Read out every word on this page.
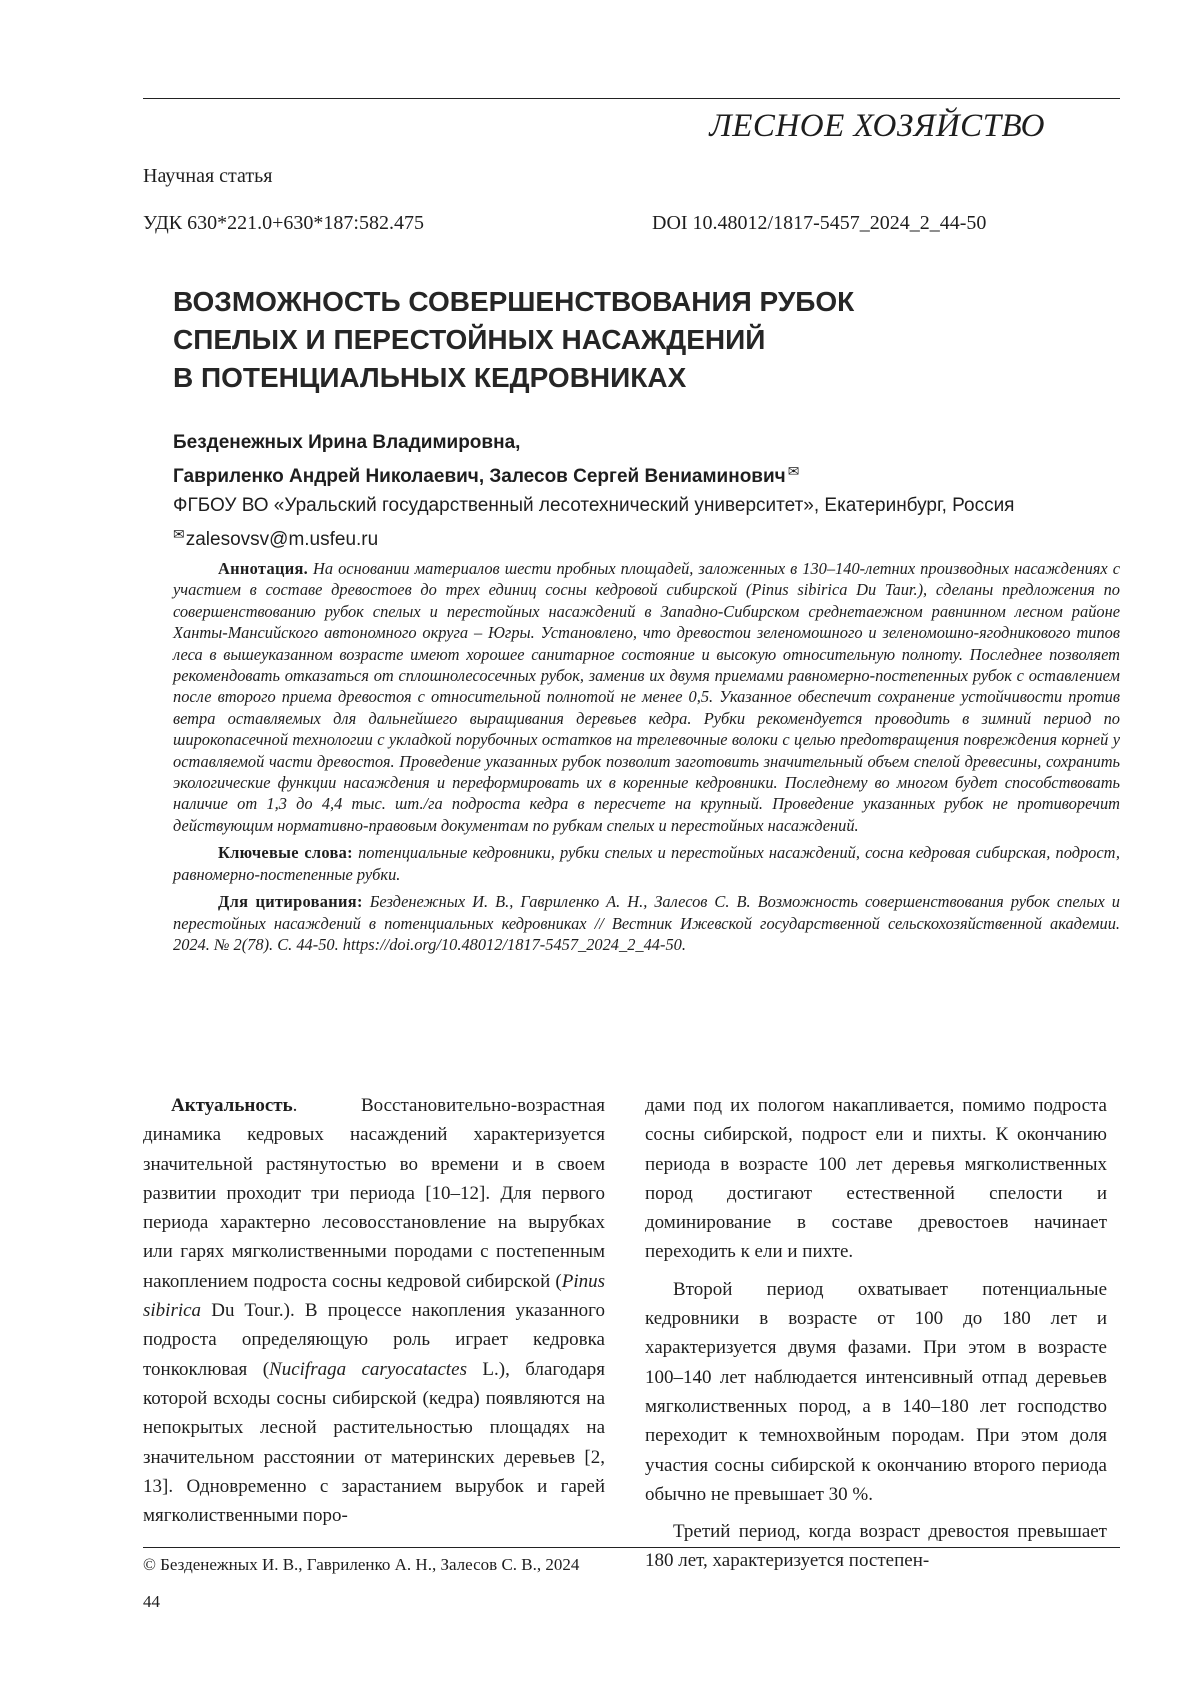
ЛЕСНОЕ ХОЗЯЙСТВО
Научная статья
УДК 630*221.0+630*187:582.475	DOI 10.48012/1817-5457_2024_2_44-50
ВОЗМОЖНОСТЬ СОВЕРШЕНСТВОВАНИЯ РУБОК
СПЕЛЫХ И ПЕРЕСТОЙНЫХ НАСАЖДЕНИЙ
В ПОТЕНЦИАЛЬНЫХ КЕДРОВНИКАХ
Безденежных Ирина Владимировна,
Гавриленко Андрей Николаевич, Залесов Сергей Вениаминович ✉
ФГБОУ ВО «Уральский государственный лесотехнический университет», Екатеринбург, Россия
✉zalesovsv@m.usfeu.ru

Аннотация. На основании материалов шести пробных площадей, заложенных в 130–140-летних производных насаждениях с участием в составе древостоев до трех единиц сосны кедровой сибирской (Pinus sibirica Du Taur.), сделаны предложения по совершенствованию рубок спелых и перестойных насаждений в Западно-Сибирском среднетаежном равнинном лесном районе Ханты-Мансийского автономного округа – Югры. Установлено, что древостои зеленомошного и зеленомошно-ягодникового типов леса в вышеуказанном возрасте имеют хорошее санитарное состояние и высокую относительную полноту. Последнее позволяет рекомендовать отказаться от сплошнолесосечных рубок, заменив их двумя приемами равномерно-постепенных рубок с оставлением после второго приема древостоя с относительной полнотой не менее 0,5. Указанное обеспечит сохранение устойчивости против ветра оставляемых для дальнейшего выращивания деревьев кедра. Рубки рекомендуется проводить в зимний период по широкопасечной технологии с укладкой порубочных остатков на трелевочные волоки с целью предотвращения повреждения корней у оставляемой части древостоя. Проведение указанных рубок позволит заготовить значительный объем спелой древесины, сохранить экологические функции насаждения и переформировать их в коренные кедровники. Последнему во многом будет способствовать наличие от 1,3 до 4,4 тыс. шт./га подроста кедра в пересчете на крупный. Проведение указанных рубок не противоречит действующим нормативно-правовым документам по рубкам спелых и перестойных насаждений.

Ключевые слова: потенциальные кедровники, рубки спелых и перестойных насаждений, сосна кедровая сибирская, подрост, равномерно-постепенные рубки.

Для цитирования: Безденежных И. В., Гавриленко А. Н., Залесов С. В. Возможность совершенствования рубок спелых и перестойных насаждений в потенциальных кедровниках // Вестник Ижевской государственной сельскохозяйственной академии. 2024. № 2(78). С. 44-50. https://doi.org/10.48012/1817-5457_2024_2_44-50.

Актуальность. Восстановительно-возрастная динамика кедровых насаждений характеризуется значительной растянутостью во времени и в своем развитии проходит три периода [10–12]. Для первого периода характерно лесовосстановление на вырубках или гарях мягколиственными породами с постепенным накоплением подроста сосны кедровой сибирской (Pinus sibirica Du Tour.). В процессе накопления указанного подроста определяющую роль играет кедровка тонкоклювая (Nucifraga caryocatactes L.), благодаря которой всходы сосны сибирской (кедра) появляются на непокрытых лесной растительностью площадях на значительном расстоянии от материнских деревьев [2, 13]. Одновременно с зарастанием вырубок и гарей мягколиственными поро-

дами под их пологом накапливается, помимо подроста сосны сибирской, подрост ели и пихты. К окончанию периода в возрасте 100 лет деревья мягколиственных пород достигают естественной спелости и доминирование в составе древостоев начинает переходить к ели и пихте.

Второй период охватывает потенциальные кедровники в возрасте от 100 до 180 лет и характеризуется двумя фазами. При этом в возрасте 100–140 лет наблюдается интенсивный отпад деревьев мягколиственных пород, а в 140–180 лет господство переходит к темнохвойным породам. При этом доля участия сосны сибирской к окончанию второго периода обычно не превышает 30 %.

Третий период, когда возраст древостоя превышает 180 лет, характеризуется постепен-

© Безденежных И. В., Гавриленко А. Н., Залесов С. В., 2024
44
